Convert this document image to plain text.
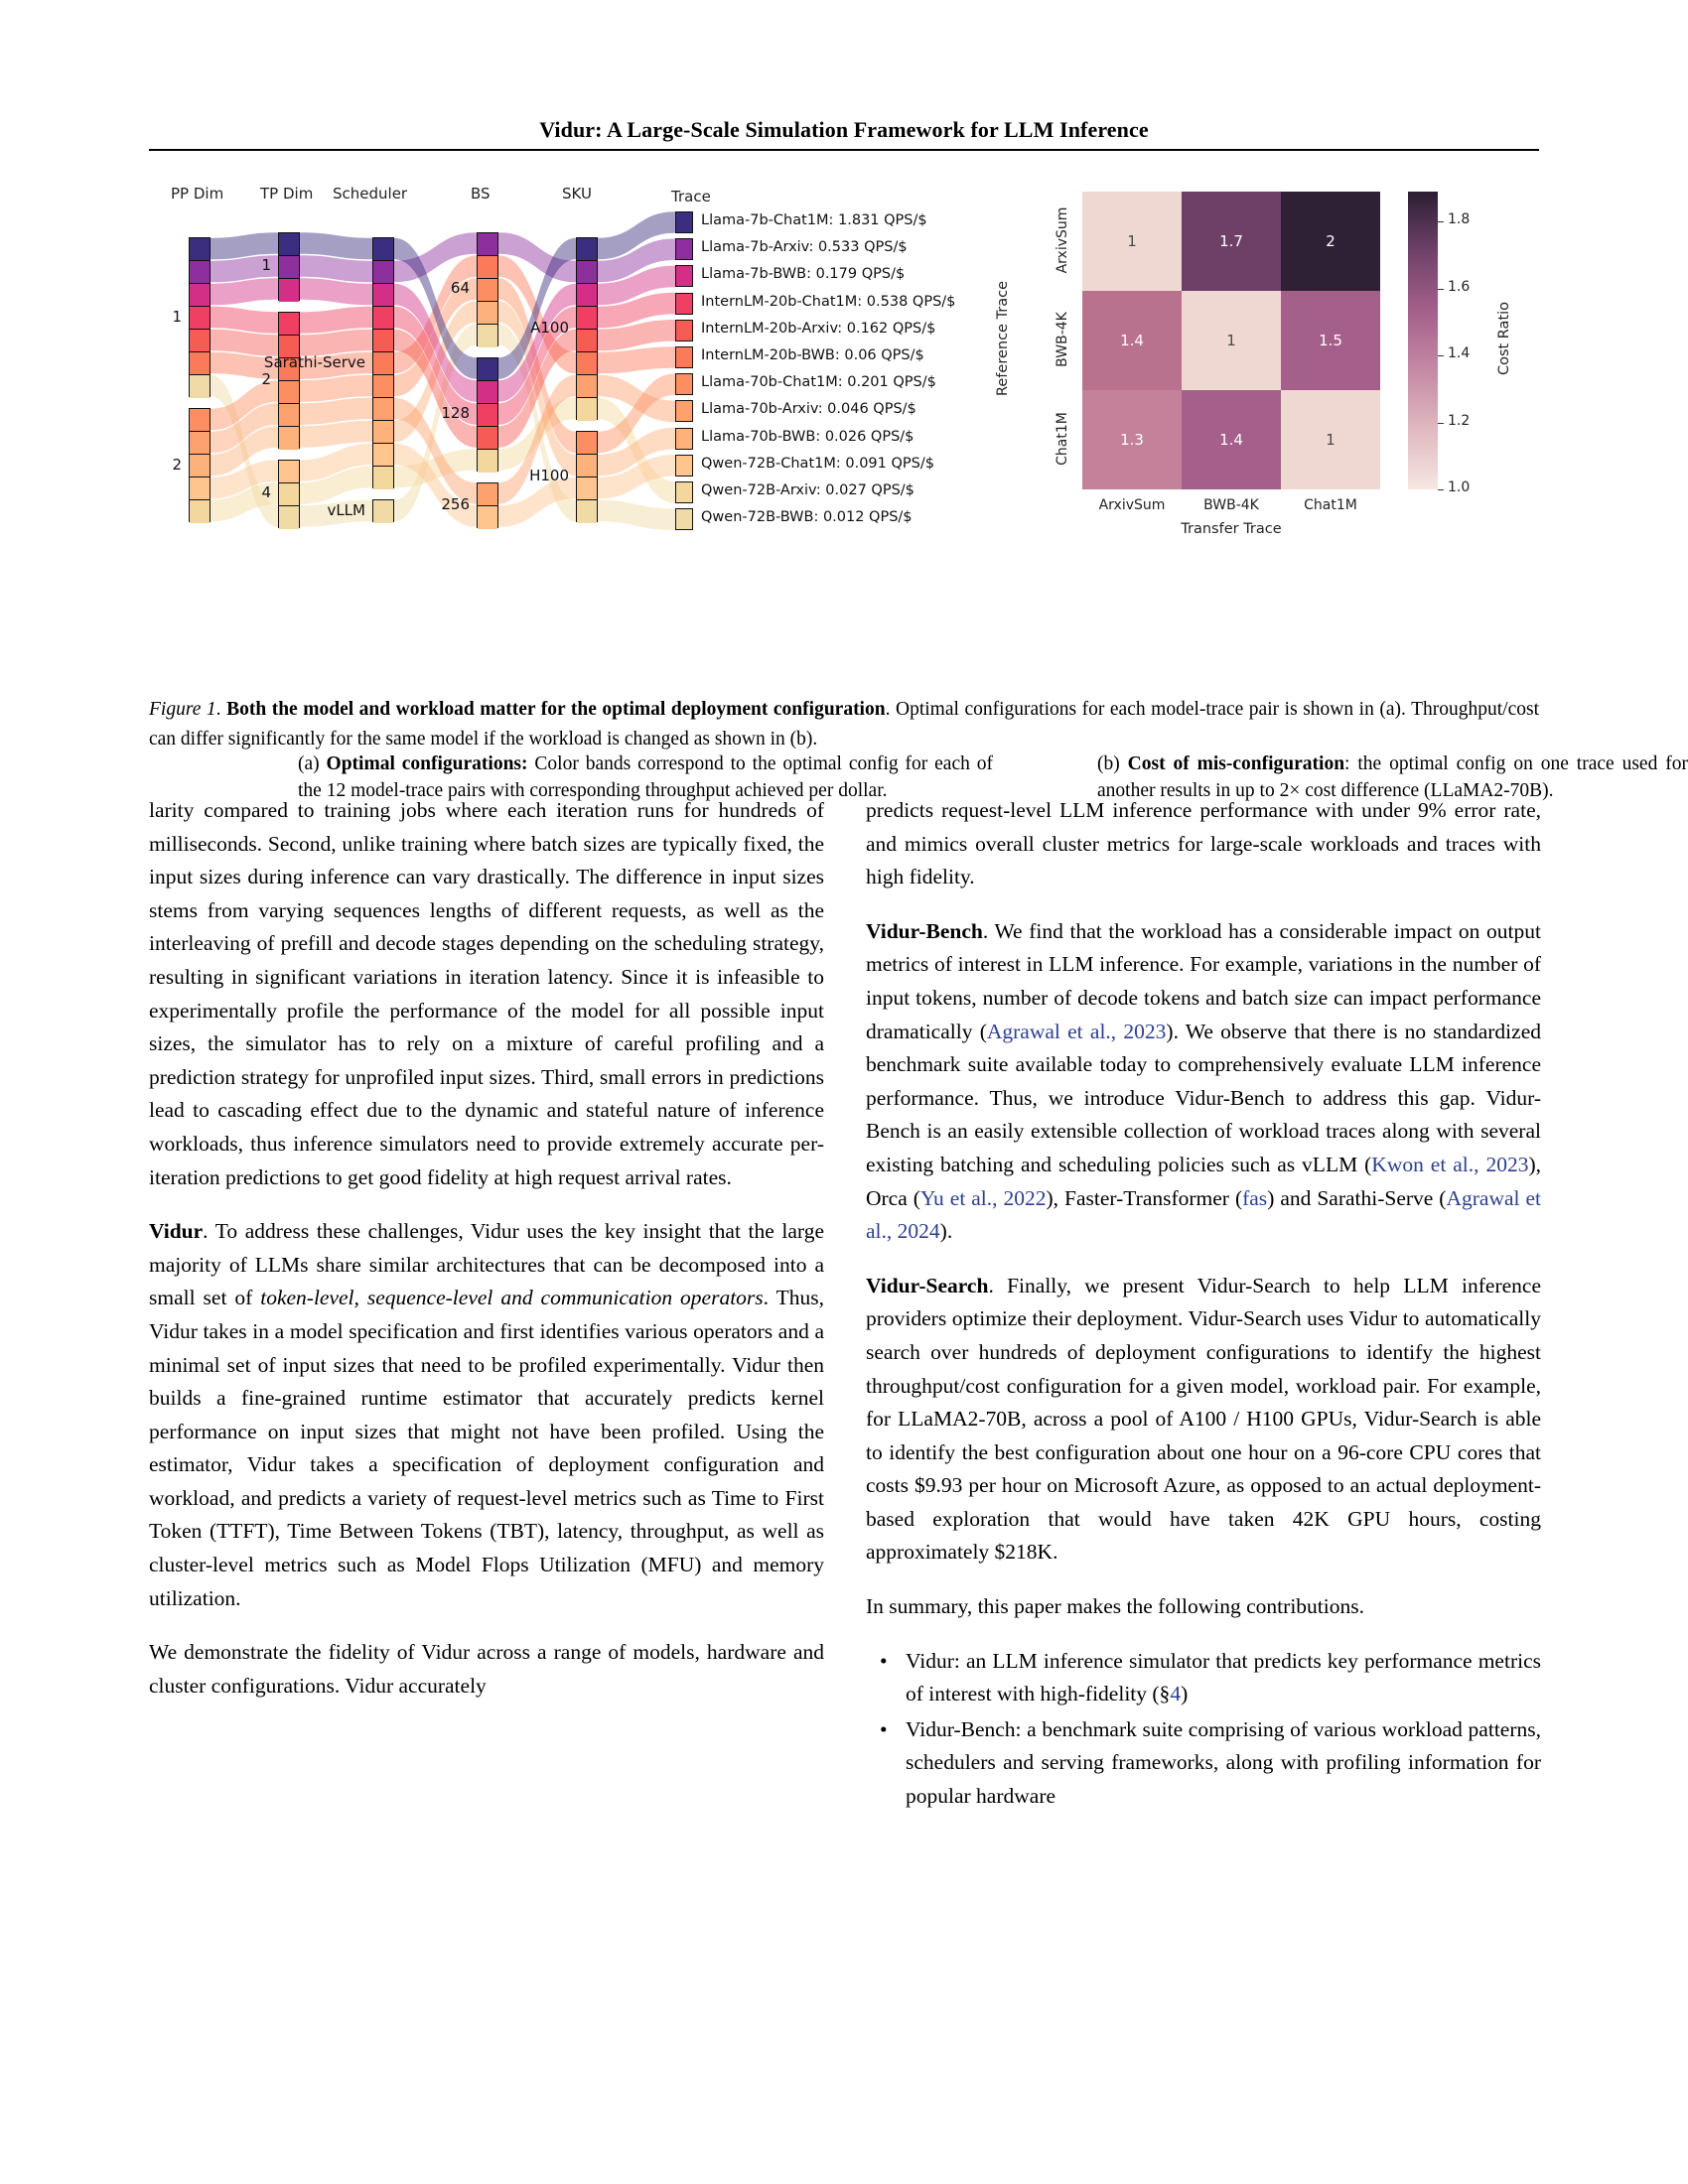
Vidur: A Large-Scale Simulation Framework for LLM Inference
1
2
1
2
4
Sarathi-Serve
vLLM
64
128
256
A100
H100
PP Dim TP Dim Scheduler	BS	SKU	Trace
Llama-7b-Chat1M: 1.831 QPS/$
Llama-7b-Arxiv: 0.533 QPS/$
Llama-7b-BWB: 0.179 QPS/$
InternLM-20b-Chat1M: 0.538 QPS/$
InternLM-20b-Arxiv: 0.162 QPS/$
InternLM-20b-BWB: 0.06 QPS/$
Llama-70b-Chat1M: 0.201 QPS/$
Llama-70b-Arxiv: 0.046 QPS/$
Llama-70b-BWB: 0.026 QPS/$
Qwen-72B-Chat1M: 0.091 QPS/$
Qwen-72B-Arxiv: 0.027 QPS/$
Qwen-72B-BWB: 0.012 QPS/$
1	1.7	2
1.4	1	1.5
1.3	1.4	1
ArxivSum	BWB-4K	Chat1M
ArxivSum
BWB-4K
Chat1M
Transfer Trace
Reference Trace
1.8
1.6
1.4
1.2
1.0
Cost Ratio
(a) Optimal configurations: Color bands correspond to the optimal config for each of the 12 model-trace pairs with corresponding throughput achieved per dollar.
(b) Cost of mis-configuration: the optimal config on one trace used for another results in up to 2× cost difference (LLaMA2-70B).
Figure 1. Both the model and workload matter for the optimal deployment configuration. Optimal configurations for each model-trace pair is shown in (a). Throughput/cost can differ significantly for the same model if the workload is changed as shown in (b).

larity compared to training jobs where each iteration runs for hundreds of milliseconds. Second, unlike training where batch sizes are typically fixed, the input sizes during inference can vary drastically. The difference in input sizes stems from varying sequences lengths of different requests, as well as the interleaving of prefill and decode stages depending on the scheduling strategy, resulting in significant variations in iteration latency. Since it is infeasible to experimentally profile the performance of the model for all possible input sizes, the simulator has to rely on a mixture of careful profiling and a prediction strategy for unprofiled input sizes. Third, small errors in predictions lead to cascading effect due to the dynamic and stateful nature of inference workloads, thus inference simulators need to provide extremely accurate per-iteration predictions to get good fidelity at high request arrival rates.

Vidur. To address these challenges, Vidur uses the key insight that the large majority of LLMs share similar architectures that can be decomposed into a small set of token-level, sequence-level and communication operators. Thus, Vidur takes in a model specification and first identifies various operators and a minimal set of input sizes that need to be profiled experimentally. Vidur then builds a fine-grained runtime estimator that accurately predicts kernel performance on input sizes that might not have been profiled. Using the estimator, Vidur takes a specification of deployment configuration and workload, and predicts a variety of request-level metrics such as Time to First Token (TTFT), Time Between Tokens (TBT), latency, throughput, as well as cluster-level metrics such as Model Flops Utilization (MFU) and memory utilization.

We demonstrate the fidelity of Vidur across a range of models, hardware and cluster configurations. Vidur accurately

predicts request-level LLM inference performance with under 9% error rate, and mimics overall cluster metrics for large-scale workloads and traces with high fidelity.

Vidur-Bench. We find that the workload has a considerable impact on output metrics of interest in LLM inference. For example, variations in the number of input tokens, number of decode tokens and batch size can impact performance dramatically (Agrawal et al., 2023). We observe that there is no standardized benchmark suite available today to comprehensively evaluate LLM inference performance. Thus, we introduce Vidur-Bench to address this gap. Vidur-Bench is an easily extensible collection of workload traces along with several existing batching and scheduling policies such as vLLM (Kwon et al., 2023), Orca (Yu et al., 2022), Faster-Transformer (fas) and Sarathi-Serve (Agrawal et al., 2024).

Vidur-Search. Finally, we present Vidur-Search to help LLM inference providers optimize their deployment. Vidur-Search uses Vidur to automatically search over hundreds of deployment configurations to identify the highest throughput/cost configuration for a given model, workload pair. For example, for LLaMA2-70B, across a pool of A100 / H100 GPUs, Vidur-Search is able to identify the best configuration about one hour on a 96-core CPU cores that costs $9.93 per hour on Microsoft Azure, as opposed to an actual deployment-based exploration that would have taken 42K GPU hours, costing approximately $218K.

In summary, this paper makes the following contributions.

• Vidur: an LLM inference simulator that predicts key performance metrics of interest with high-fidelity (§4)
• Vidur-Bench: a benchmark suite comprising of various workload patterns, schedulers and serving frameworks, along with profiling information for popular hardware
